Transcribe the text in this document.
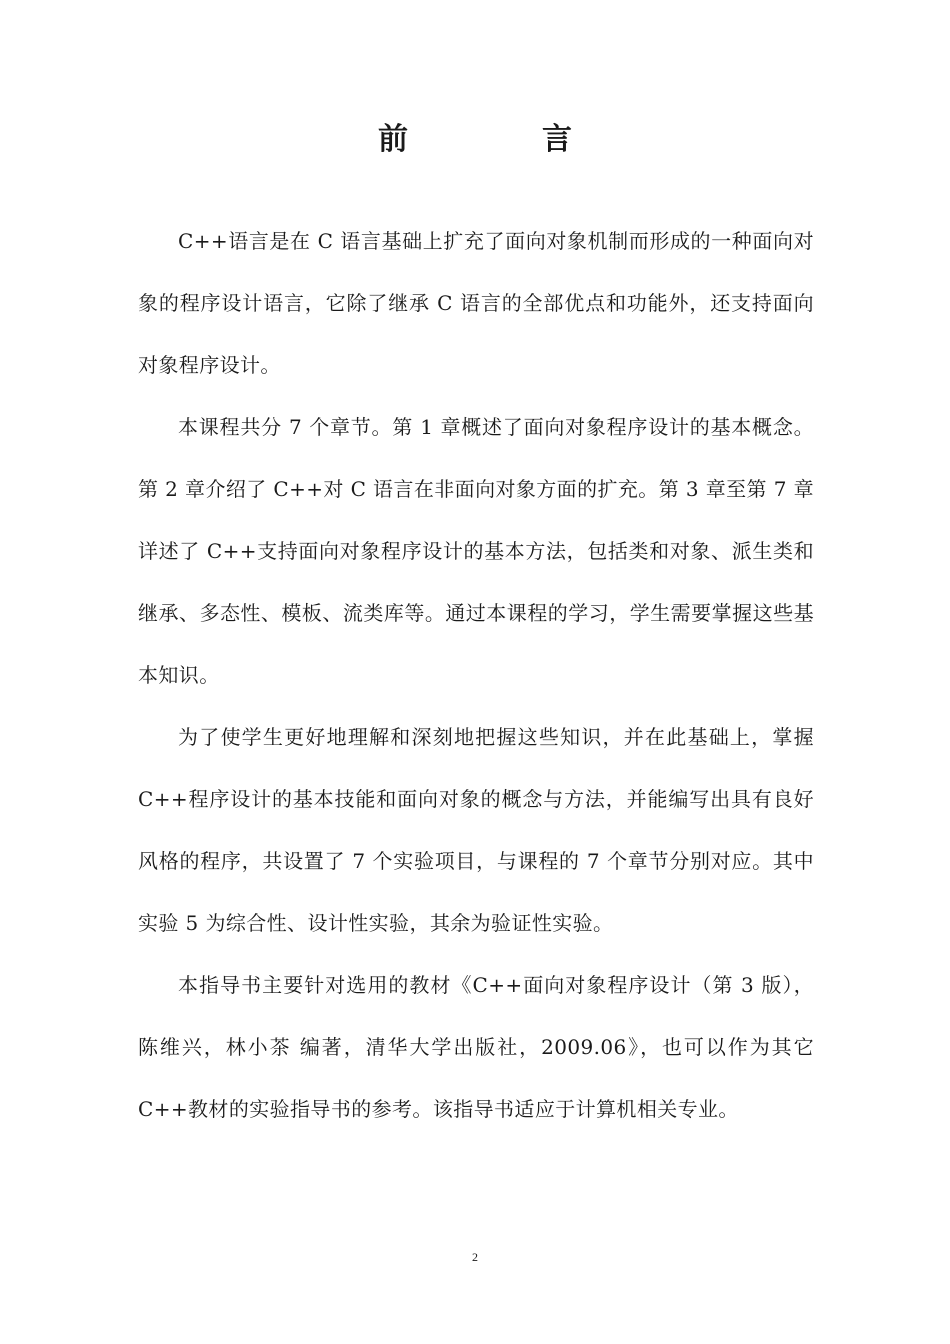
前　言

C++语言是在 C 语言基础上扩充了面向对象机制而形成的一种面向对象的程序设计语言，它除了继承 C 语言的全部优点和功能外，还支持面向对象程序设计。

本课程共分 7 个章节。第 1 章概述了面向对象程序设计的基本概念。第 2 章介绍了 C++对 C 语言在非面向对象方面的扩充。第 3 章至第 7 章详述了 C++支持面向对象程序设计的基本方法，包括类和对象、派生类和继承、多态性、模板、流类库等。通过本课程的学习，学生需要掌握这些基本知识。

为了使学生更好地理解和深刻地把握这些知识，并在此基础上，掌握 C++程序设计的基本技能和面向对象的概念与方法，并能编写出具有良好风格的程序，共设置了 7 个实验项目，与课程的 7 个章节分别对应。其中实验 5 为综合性、设计性实验，其余为验证性实验。

本指导书主要针对选用的教材《C++面向对象程序设计（第 3 版），陈维兴，林小茶 编著，清华大学出版社，2009.06》，也可以作为其它 C++教材的实验指导书的参考。该指导书适应于计算机相关专业。

2
